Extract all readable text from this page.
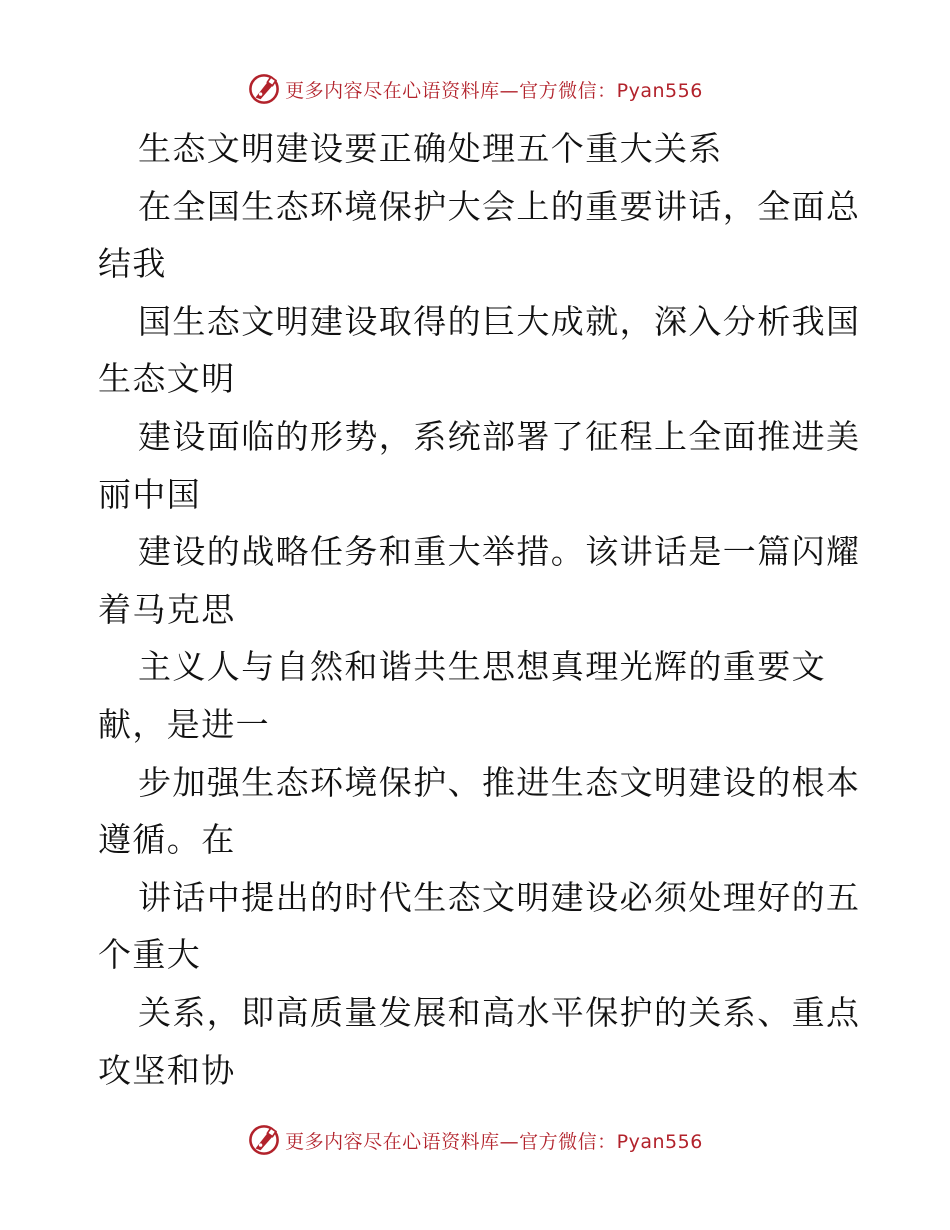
更多内容尽在心语资料库—官方微信：Pyan556
生态文明建设要正确处理五个重大关系
在全国生态环境保护大会上的重要讲话，全面总
结我
国生态文明建设取得的巨大成就，深入分析我国
生态文明
建设面临的形势，系统部署了征程上全面推进美
丽中国
建设的战略任务和重大举措。该讲话是一篇闪耀
着马克思
主义人与自然和谐共生思想真理光辉的重要文
献，是进一
步加强生态环境保护、推进生态文明建设的根本
遵循。在
讲话中提出的时代生态文明建设必须处理好的五
个重大
关系，即高质量发展和高水平保护的关系、重点
攻坚和协
更多内容尽在心语资料库—官方微信：Pyan556
